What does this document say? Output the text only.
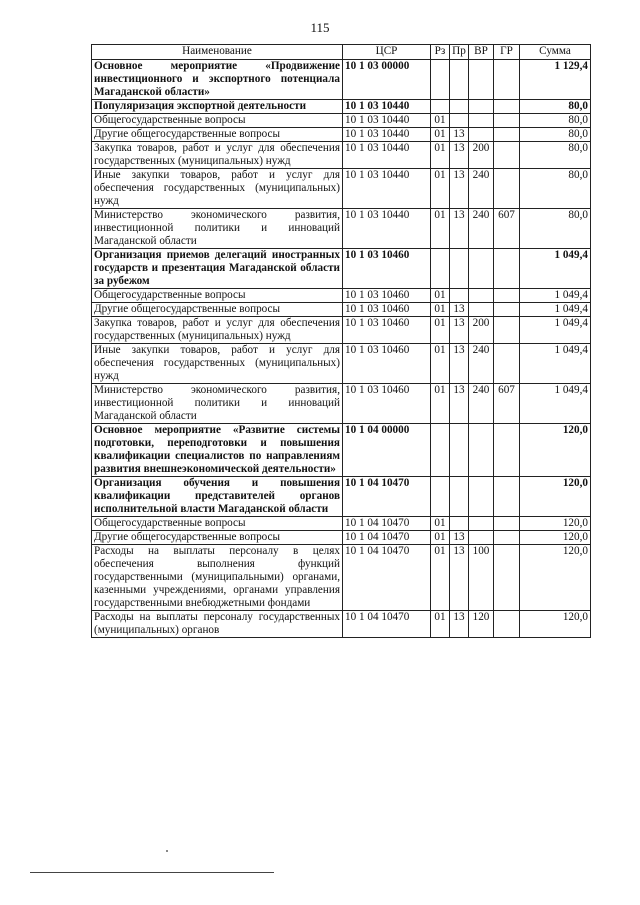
115
Наименование	ЦСР	Рз	Пр	ВР	ГР	Сумма
Основное мероприятие «Продвижение инвестиционного и экспортного потенциала Магаданской области»	10 1 03 00000					1 129,4
Популяризация экспортной деятельности	10 1 03 10440					80,0
Общегосударственные вопросы	10 1 03 10440	01				80,0
Другие общегосударственные вопросы	10 1 03 10440	01	13			80,0
Закупка товаров, работ и услуг для обеспечения государственных (муниципальных) нужд	10 1 03 10440	01	13	200		80,0
Иные закупки товаров, работ и услуг для обеспечения государственных (муниципальных) нужд	10 1 03 10440	01	13	240		80,0
Министерство экономического развития, инвестиционной политики и инноваций Магаданской области	10 1 03 10440	01	13	240	607	80,0
Организация приемов делегаций иностранных государств и презентация Магаданской области за рубежом	10 1 03 10460					1 049,4
Общегосударственные вопросы	10 1 03 10460	01				1 049,4
Другие общегосударственные вопросы	10 1 03 10460	01	13			1 049,4
Закупка товаров, работ и услуг для обеспечения государственных (муниципальных) нужд	10 1 03 10460	01	13	200		1 049,4
Иные закупки товаров, работ и услуг для обеспечения государственных (муниципальных) нужд	10 1 03 10460	01	13	240		1 049,4
Министерство экономического развития, инвестиционной политики и инноваций Магаданской области	10 1 03 10460	01	13	240	607	1 049,4
Основное мероприятие «Развитие системы подготовки, переподготовки и повышения квалификации специалистов по направлениям развития внешнеэкономической деятельности»	10 1 04 00000					120,0
Организация обучения и повышения квалификации представителей органов исполнительной власти Магаданской области	10 1 04 10470					120,0
Общегосударственные вопросы	10 1 04 10470	01				120,0
Другие общегосударственные вопросы	10 1 04 10470	01	13			120,0
Расходы на выплаты персоналу в целях обеспечения выполнения функций государственными (муниципальными) органами, казенными учреждениями, органами управления государственными внебюджетными фондами	10 1 04 10470	01	13	100		120,0
Расходы на выплаты персоналу государственных (муниципальных) органов	10 1 04 10470	01	13	120		120,0
